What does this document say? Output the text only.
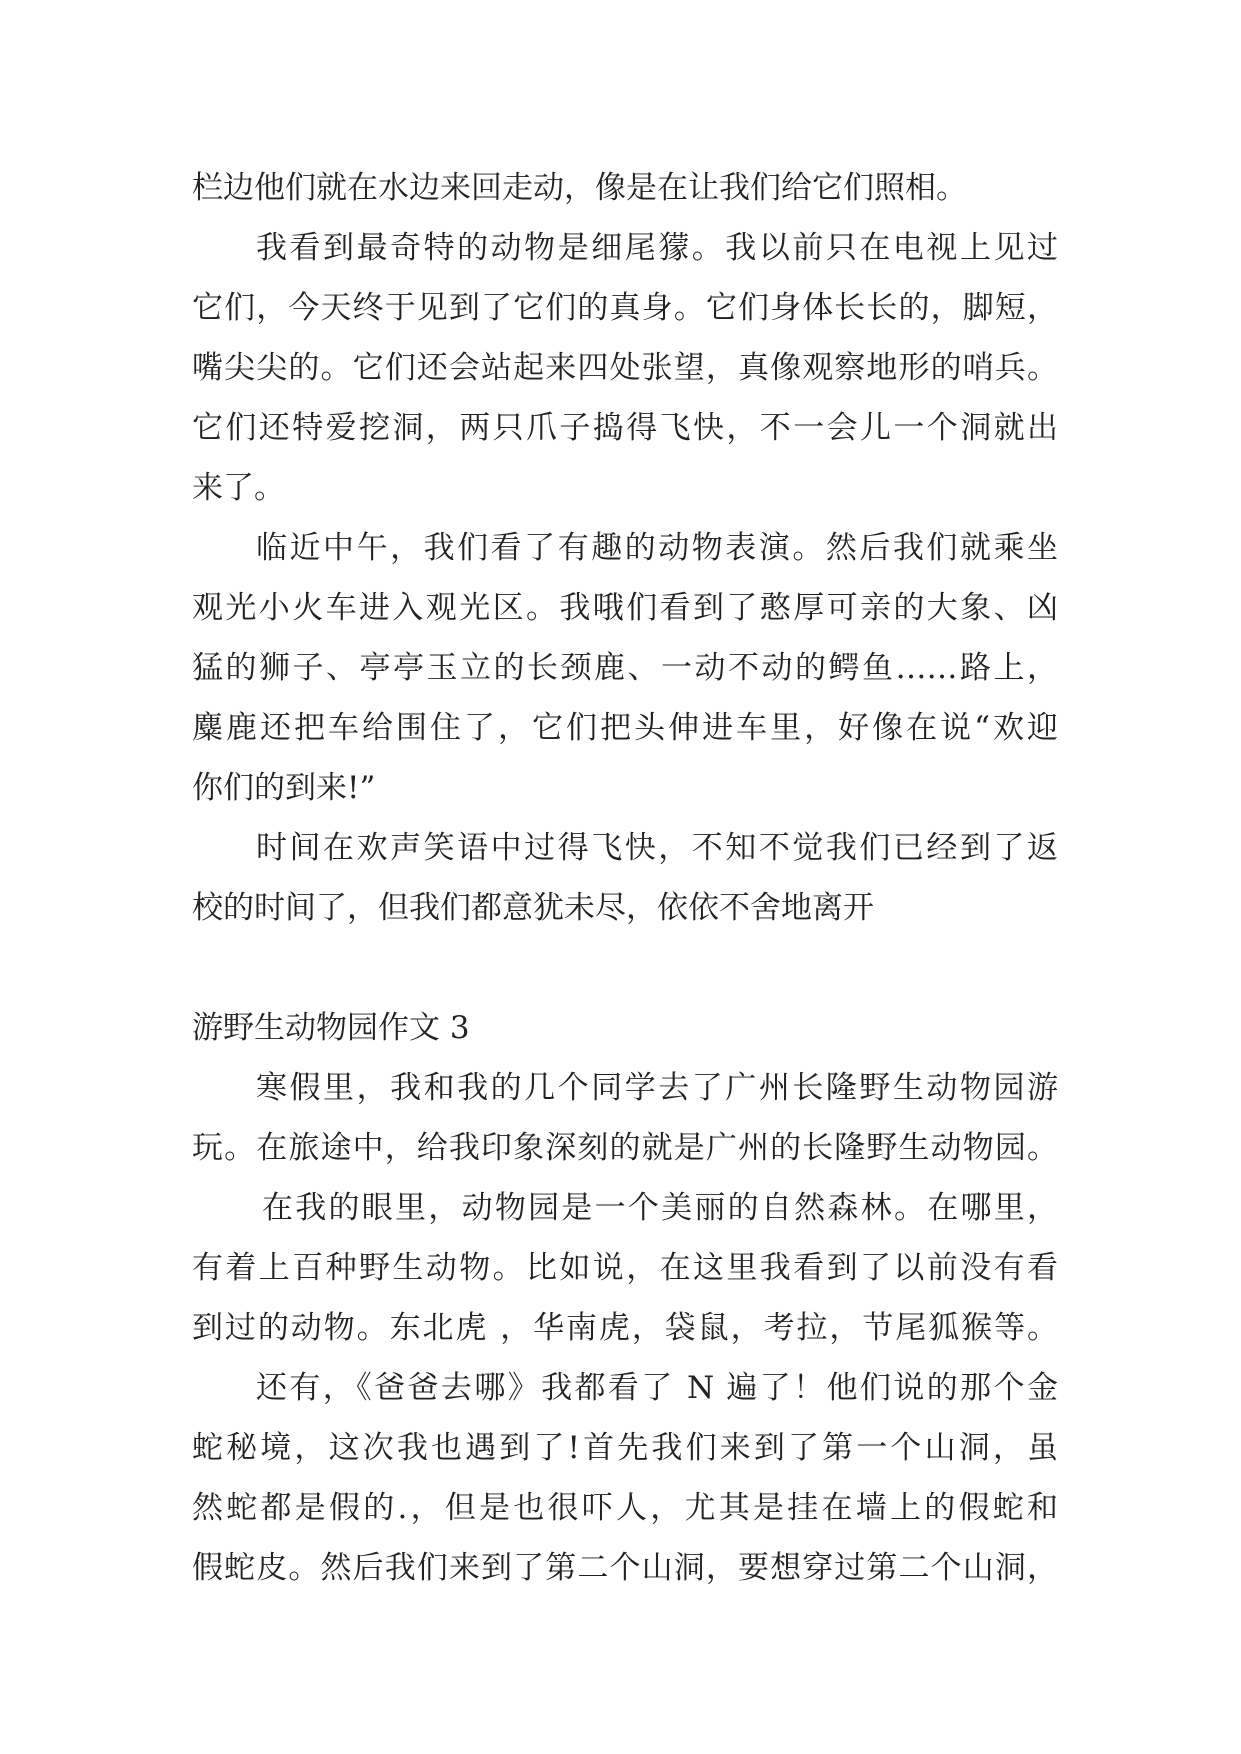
栏边他们就在水边来回走动，像是在让我们给它们照相。
我看到最奇特的动物是细尾獴。我以前只在电视上见过
它们，今天终于见到了它们的真身。它们身体长长的，脚短，
嘴尖尖的。它们还会站起来四处张望，真像观察地形的哨兵。
它们还特爱挖洞，两只爪子捣得飞快，不一会儿一个洞就出
来了。
临近中午，我们看了有趣的动物表演。然后我们就乘坐
观光小火车进入观光区。我哦们看到了憨厚可亲的大象、凶
猛的狮子、亭亭玉立的长颈鹿、一动不动的鳄鱼……路上，
麋鹿还把车给围住了，它们把头伸进车里，好像在说“欢迎
你们的到来!”
时间在欢声笑语中过得飞快，不知不觉我们已经到了返
校的时间了，但我们都意犹未尽，依依不舍地离开
游野生动物园作文 3
寒假里，我和我的几个同学去了广州长隆野生动物园游
玩。在旅途中，给我印象深刻的就是广州的长隆野生动物园。
在我的眼里，动物园是一个美丽的自然森林。在哪里，
有着上百种野生动物。比如说，在这里我看到了以前没有看
到过的动物。东北虎 ，华南虎，袋鼠，考拉，节尾狐猴等。
还有，《爸爸去哪》我都看了 N 遍了！他们说的那个金
蛇秘境，这次我也遇到了!首先我们来到了第一个山洞，虽
然蛇都是假的.，但是也很吓人，尤其是挂在墙上的假蛇和
假蛇皮。然后我们来到了第二个山洞，要想穿过第二个山洞，
